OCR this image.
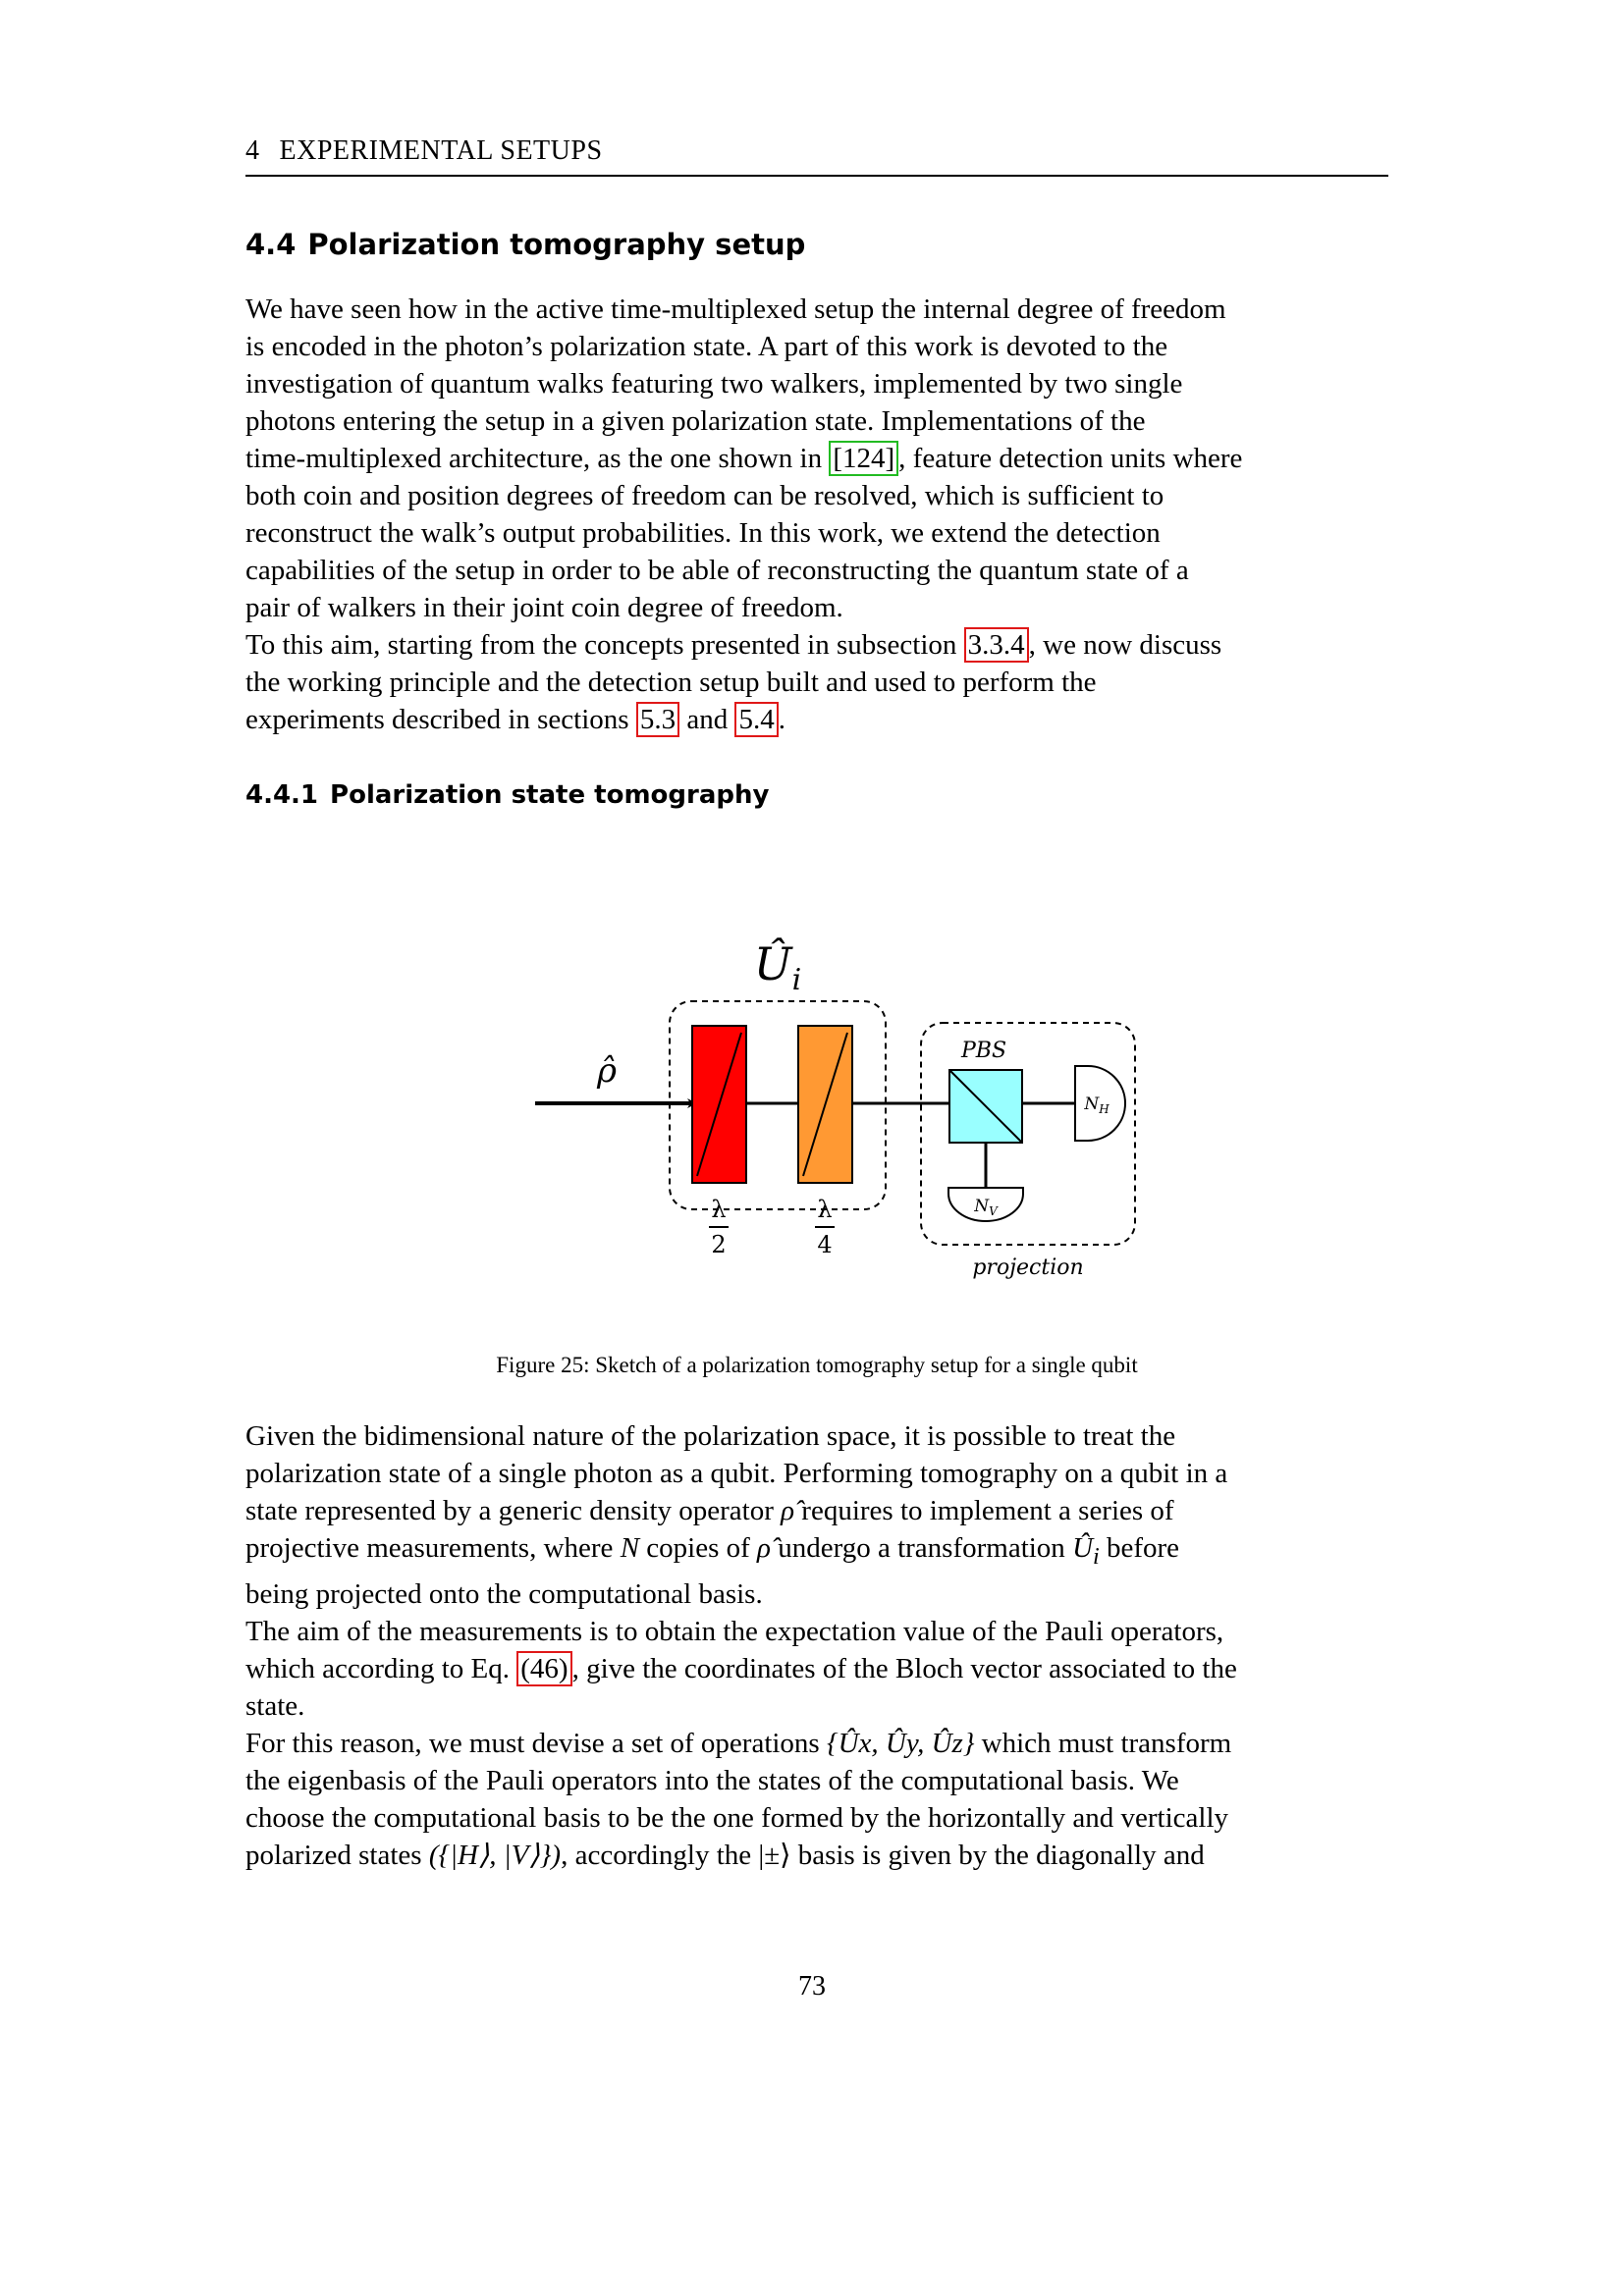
4 EXPERIMENTAL SETUPS
4.4 Polarization tomography setup
We have seen how in the active time-multiplexed setup the internal degree of freedom
is encoded in the photon’s polarization state. A part of this work is devoted to the
investigation of quantum walks featuring two walkers, implemented by two single
photons entering the setup in a given polarization state. Implementations of the
time-multiplexed architecture, as the one shown in [124] , feature detection units where
both coin and position degrees of freedom can be resolved, which is sufficient to
reconstruct the walk’s output probabilities. In this work, we extend the detection
capabilities of the setup in order to be able of reconstructing the quantum state of a
pair of walkers in their joint coin degree of freedom.
To this aim, starting from the concepts presented in subsection 3.3.4 , we now discuss
the working principle and the detection setup built and used to perform the
experiments described in sections 5.3 and 5.4 .
4.4.1 Polarization state tomography
$Û_i$
projection
ρ̂
λ
2
λ
4
PBS
$N_H$
$N_V$
Figure 25: Sketch of a polarization tomography setup for a single qubit
Given the bidimensional nature of the polarization space, it is possible to treat the
polarization state of a single photon as a qubit. Performing tomography on a qubit in a
state represented by a generic density operator ρ̂ requires to implement a series of
projective measurements, where N copies of ρ̂ undergo a transformation $Û_i$ before
being projected onto the computational basis.
The aim of the measurements is to obtain the expectation value of the Pauli operators,
which according to Eq. (46) , give the coordinates of the Bloch vector associated to the
state.
For this reason, we must devise a set of operations {Ûx, Ûy, Ûz} which must transform
the eigenbasis of the Pauli operators into the states of the computational basis. We
choose the computational basis to be the one formed by the horizontally and vertically
polarized states ({|H⟩, |V⟩}), accordingly the |±⟩ basis is given by the diagonally and
73
